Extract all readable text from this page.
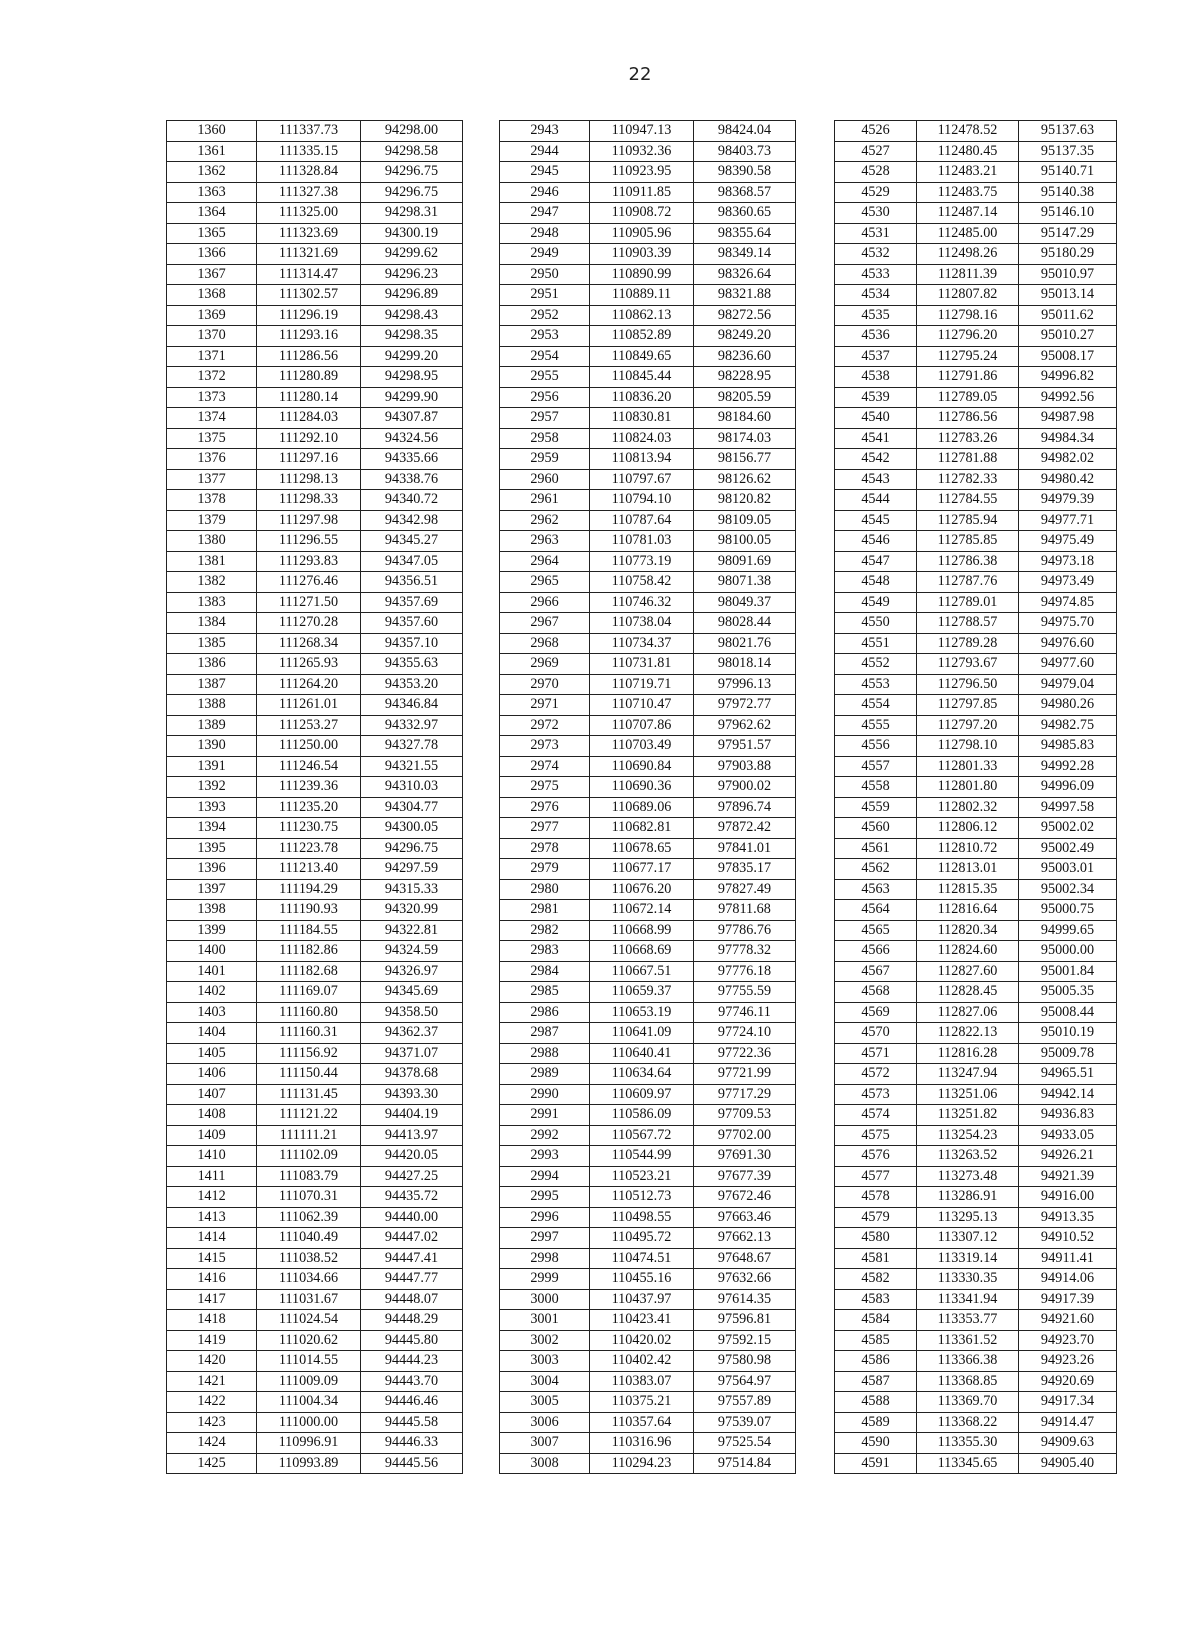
22
1360	111337.73	94298.00
1361	111335.15	94298.58
1362	111328.84	94296.75
1363	111327.38	94296.75
1364	111325.00	94298.31
1365	111323.69	94300.19
1366	111321.69	94299.62
1367	111314.47	94296.23
1368	111302.57	94296.89
1369	111296.19	94298.43
1370	111293.16	94298.35
1371	111286.56	94299.20
1372	111280.89	94298.95
1373	111280.14	94299.90
1374	111284.03	94307.87
1375	111292.10	94324.56
1376	111297.16	94335.66
1377	111298.13	94338.76
1378	111298.33	94340.72
1379	111297.98	94342.98
1380	111296.55	94345.27
1381	111293.83	94347.05
1382	111276.46	94356.51
1383	111271.50	94357.69
1384	111270.28	94357.60
1385	111268.34	94357.10
1386	111265.93	94355.63
1387	111264.20	94353.20
1388	111261.01	94346.84
1389	111253.27	94332.97
1390	111250.00	94327.78
1391	111246.54	94321.55
1392	111239.36	94310.03
1393	111235.20	94304.77
1394	111230.75	94300.05
1395	111223.78	94296.75
1396	111213.40	94297.59
1397	111194.29	94315.33
1398	111190.93	94320.99
1399	111184.55	94322.81
1400	111182.86	94324.59
1401	111182.68	94326.97
1402	111169.07	94345.69
1403	111160.80	94358.50
1404	111160.31	94362.37
1405	111156.92	94371.07
1406	111150.44	94378.68
1407	111131.45	94393.30
1408	111121.22	94404.19
1409	111111.21	94413.97
1410	111102.09	94420.05
1411	111083.79	94427.25
1412	111070.31	94435.72
1413	111062.39	94440.00
1414	111040.49	94447.02
1415	111038.52	94447.41
1416	111034.66	94447.77
1417	111031.67	94448.07
1418	111024.54	94448.29
1419	111020.62	94445.80
1420	111014.55	94444.23
1421	111009.09	94443.70
1422	111004.34	94446.46
1423	111000.00	94445.58
1424	110996.91	94446.33
1425	110993.89	94445.56
2943	110947.13	98424.04
2944	110932.36	98403.73
2945	110923.95	98390.58
2946	110911.85	98368.57
2947	110908.72	98360.65
2948	110905.96	98355.64
2949	110903.39	98349.14
2950	110890.99	98326.64
2951	110889.11	98321.88
2952	110862.13	98272.56
2953	110852.89	98249.20
2954	110849.65	98236.60
2955	110845.44	98228.95
2956	110836.20	98205.59
2957	110830.81	98184.60
2958	110824.03	98174.03
2959	110813.94	98156.77
2960	110797.67	98126.62
2961	110794.10	98120.82
2962	110787.64	98109.05
2963	110781.03	98100.05
2964	110773.19	98091.69
2965	110758.42	98071.38
2966	110746.32	98049.37
2967	110738.04	98028.44
2968	110734.37	98021.76
2969	110731.81	98018.14
2970	110719.71	97996.13
2971	110710.47	97972.77
2972	110707.86	97962.62
2973	110703.49	97951.57
2974	110690.84	97903.88
2975	110690.36	97900.02
2976	110689.06	97896.74
2977	110682.81	97872.42
2978	110678.65	97841.01
2979	110677.17	97835.17
2980	110676.20	97827.49
2981	110672.14	97811.68
2982	110668.99	97786.76
2983	110668.69	97778.32
2984	110667.51	97776.18
2985	110659.37	97755.59
2986	110653.19	97746.11
2987	110641.09	97724.10
2988	110640.41	97722.36
2989	110634.64	97721.99
2990	110609.97	97717.29
2991	110586.09	97709.53
2992	110567.72	97702.00
2993	110544.99	97691.30
2994	110523.21	97677.39
2995	110512.73	97672.46
2996	110498.55	97663.46
2997	110495.72	97662.13
2998	110474.51	97648.67
2999	110455.16	97632.66
3000	110437.97	97614.35
3001	110423.41	97596.81
3002	110420.02	97592.15
3003	110402.42	97580.98
3004	110383.07	97564.97
3005	110375.21	97557.89
3006	110357.64	97539.07
3007	110316.96	97525.54
3008	110294.23	97514.84
4526	112478.52	95137.63
4527	112480.45	95137.35
4528	112483.21	95140.71
4529	112483.75	95140.38
4530	112487.14	95146.10
4531	112485.00	95147.29
4532	112498.26	95180.29
4533	112811.39	95010.97
4534	112807.82	95013.14
4535	112798.16	95011.62
4536	112796.20	95010.27
4537	112795.24	95008.17
4538	112791.86	94996.82
4539	112789.05	94992.56
4540	112786.56	94987.98
4541	112783.26	94984.34
4542	112781.88	94982.02
4543	112782.33	94980.42
4544	112784.55	94979.39
4545	112785.94	94977.71
4546	112785.85	94975.49
4547	112786.38	94973.18
4548	112787.76	94973.49
4549	112789.01	94974.85
4550	112788.57	94975.70
4551	112789.28	94976.60
4552	112793.67	94977.60
4553	112796.50	94979.04
4554	112797.85	94980.26
4555	112797.20	94982.75
4556	112798.10	94985.83
4557	112801.33	94992.28
4558	112801.80	94996.09
4559	112802.32	94997.58
4560	112806.12	95002.02
4561	112810.72	95002.49
4562	112813.01	95003.01
4563	112815.35	95002.34
4564	112816.64	95000.75
4565	112820.34	94999.65
4566	112824.60	95000.00
4567	112827.60	95001.84
4568	112828.45	95005.35
4569	112827.06	95008.44
4570	112822.13	95010.19
4571	112816.28	95009.78
4572	113247.94	94965.51
4573	113251.06	94942.14
4574	113251.82	94936.83
4575	113254.23	94933.05
4576	113263.52	94926.21
4577	113273.48	94921.39
4578	113286.91	94916.00
4579	113295.13	94913.35
4580	113307.12	94910.52
4581	113319.14	94911.41
4582	113330.35	94914.06
4583	113341.94	94917.39
4584	113353.77	94921.60
4585	113361.52	94923.70
4586	113366.38	94923.26
4587	113368.85	94920.69
4588	113369.70	94917.34
4589	113368.22	94914.47
4590	113355.30	94909.63
4591	113345.65	94905.40
